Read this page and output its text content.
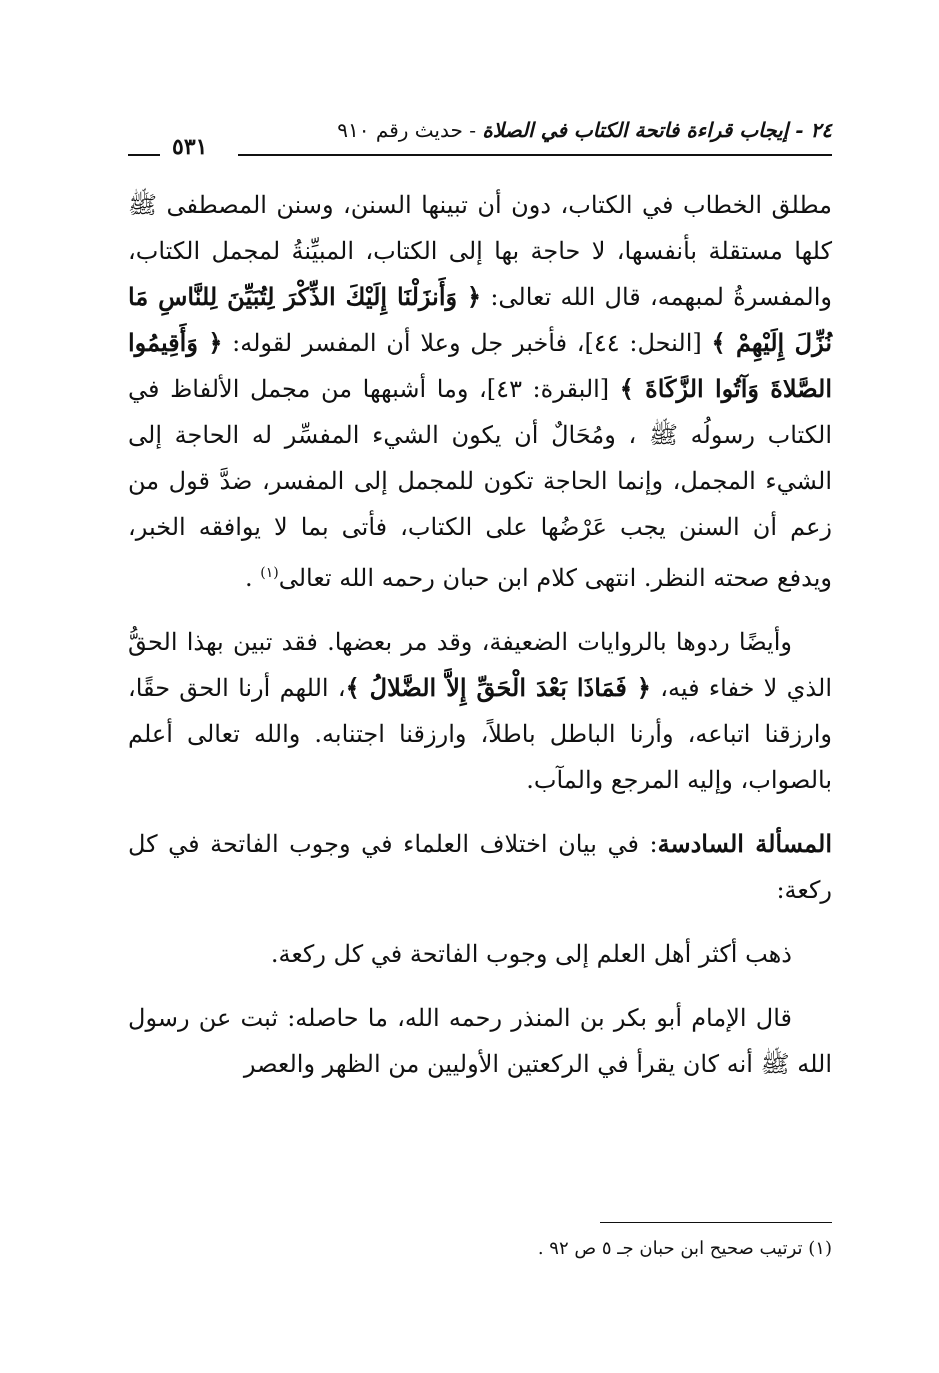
٢٤ - إيجاب قراءة فاتحة الكتاب في الصلاة - حديث رقم ٩١٠
٥٣١

مطلق الخطاب في الكتاب، دون أن تبينها السنن، وسنن المصطفى ﷺ كلها مستقلة بأنفسها، لا حاجة بها إلى الكتاب، المبيِّنةُ لمجمل الكتاب، والمفسرةُ لمبهمه، قال الله تعالى: ﴿ وَأَنزَلْنَا إِلَيْكَ الذِّكْرَ لِتُبَيِّنَ لِلنَّاسِ مَا نُزِّلَ إِلَيْهِمْ ﴾ [النحل: ٤٤]، فأخبر جل وعلا أن المفسر لقوله: ﴿ وَأَقِيمُوا الصَّلاةَ وَآتُوا الزَّكَاةَ ﴾ [البقرة: ٤٣]، وما أشبهها من مجمل الألفاظ في الكتاب رسولُه ﷺ ، ومُحَالٌ أن يكون الشيء المفسِّر له الحاجة إلى الشيء المجمل، وإنما الحاجة تكون للمجمل إلى المفسر، ضدَّ قول من زعم أن السنن يجب عَرْضُها على الكتاب، فأتى بما لا يوافقه الخبر، ويدفع صحته النظر. انتهى كلام ابن حبان رحمه الله تعالى$^{(١)}$ .

وأيضًا ردوها بالروايات الضعيفة، وقد مر بعضها. فقد تبين بهذا الحقُّ الذي لا خفاء فيه، ﴿ فَمَاذَا بَعْدَ الْحَقِّ إِلاَّ الضَّلالُ ﴾، اللهم أرنا الحق حقًا، وارزقنا اتباعه، وأرنا الباطل باطلاً، وارزقنا اجتنابه. والله تعالى أعلم بالصواب، وإليه المرجع والمآب.

المسألة السادسة: في بيان اختلاف العلماء في وجوب الفاتحة في كل ركعة:

ذهب أكثر أهل العلم إلى وجوب الفاتحة في كل ركعة.

قال الإمام أبو بكر بن المنذر رحمه الله، ما حاصله: ثبت عن رسول الله ﷺ أنه كان يقرأ في الركعتين الأوليين من الظهر والعصر

(١) ترتيب صحيح ابن حبان جـ ٥ ص ٩٢ .
